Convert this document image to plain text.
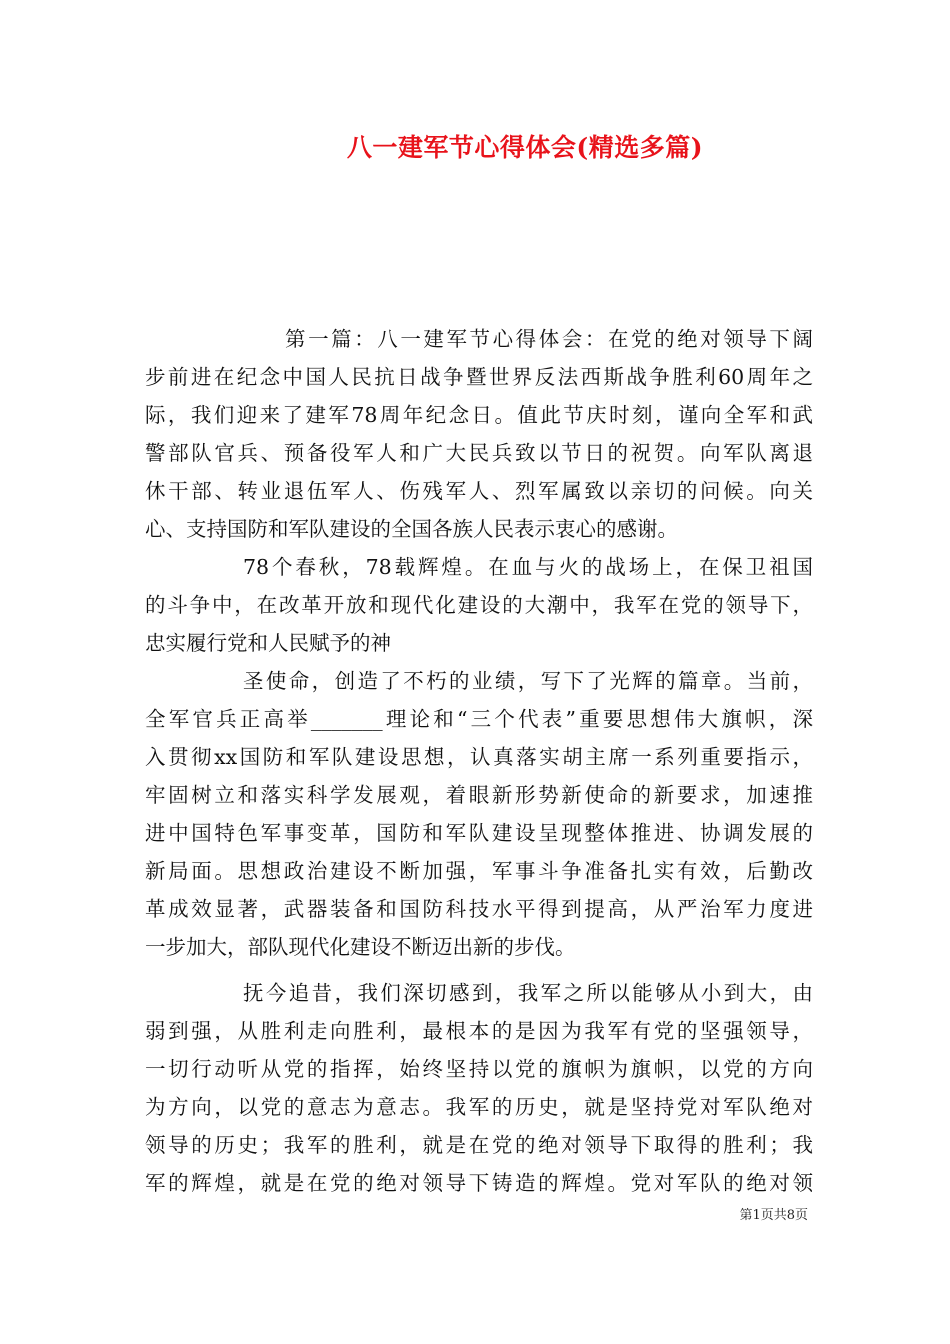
八一建军节心得体会(精选多篇)
第一篇：八一建军节心得体会：在党的绝对领导下阔
步前进在纪念中国人民抗日战争暨世界反法西斯战争胜利60周年之
际，我们迎来了建军78周年纪念日。值此节庆时刻，谨向全军和武
警部队官兵、预备役军人和广大民兵致以节日的祝贺。向军队离退
休干部、转业退伍军人、伤残军人、烈军属致以亲切的问候。向关
心、支持国防和军队建设的全国各族人民表示衷心的感谢。
78个春秋，78载辉煌。在血与火的战场上，在保卫祖国
的斗争中，在改革开放和现代化建设的大潮中，我军在党的领导下，
忠实履行党和人民赋予的神
圣使命，创造了不朽的业绩，写下了光辉的篇章。当前，
全军官兵正高举_______理论和“三个代表”重要思想伟大旗帜，深
入贯彻xx国防和军队建设思想，认真落实胡主席一系列重要指示，
牢固树立和落实科学发展观，着眼新形势新使命的新要求，加速推
进中国特色军事变革，国防和军队建设呈现整体推进、协调发展的
新局面。思想政治建设不断加强，军事斗争准备扎实有效，后勤改
革成效显著，武器装备和国防科技水平得到提高，从严治军力度进
一步加大，部队现代化建设不断迈出新的步伐。
抚今追昔，我们深切感到，我军之所以能够从小到大，由
弱到强，从胜利走向胜利，最根本的是因为我军有党的坚强领导，
一切行动听从党的指挥，始终坚持以党的旗帜为旗帜，以党的方向
为方向，以党的意志为意志。我军的历史，就是坚持党对军队绝对
领导的历史；我军的胜利，就是在党的绝对领导下取得的胜利；我
军的辉煌，就是在党的绝对领导下铸造的辉煌。党对军队的绝对领
第1页共8页
